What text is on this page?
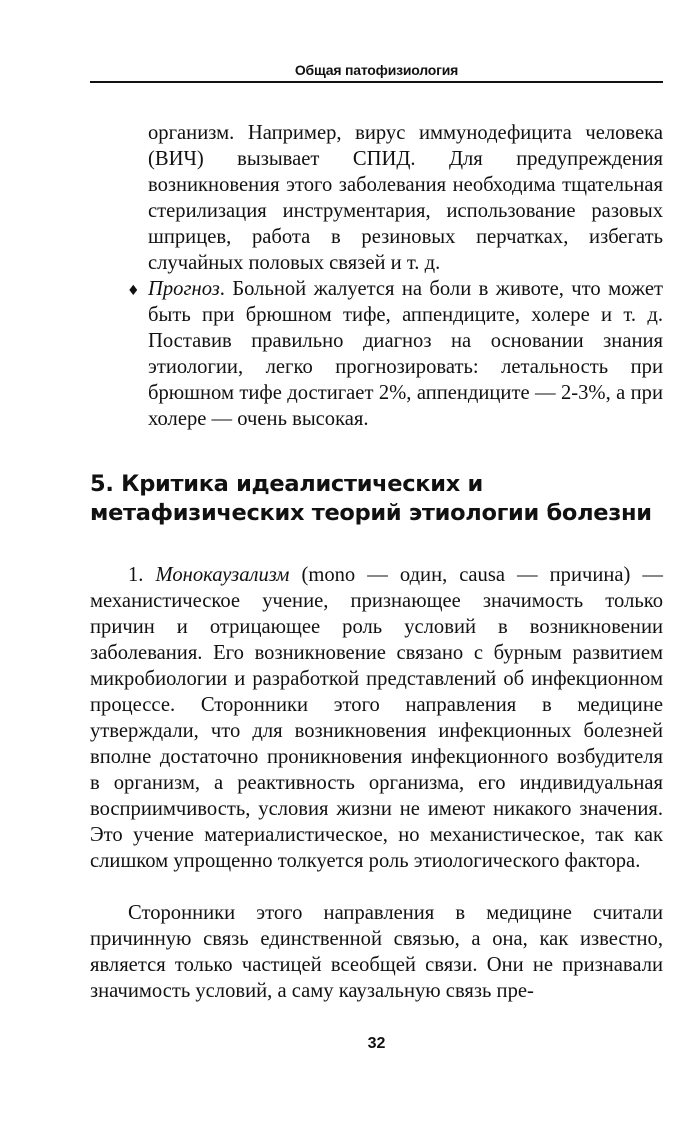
Общая патофизиология

организм. Например, вирус иммунодефицита человека (ВИЧ) вызывает СПИД. Для предупреждения возникновения этого заболевания необходима тщательная стерилизация инструментария, использование разовых шприцев, работа в резиновых перчатках, избегать случайных половых связей и т. д.

♦ Прогноз. Больной жалуется на боли в животе, что может быть при брюшном тифе, аппендиците, холере и т. д. Поставив правильно диагноз на основании знания этиологии, легко прогнозировать: летальность при брюшном тифе достигает 2%, аппендиците — 2-3%, а при холере — очень высокая.

5. Критика идеалистических и
метафизических теорий этиологии болезни

1. Монокаузализм (mono — один, causa — причина) — механистическое учение, признающее значимость только причин и отрицающее роль условий в возникновении заболевания. Его возникновение связано с бурным развитием микробиологии и разработкой представлений об инфекционном процессе. Сторонники этого направления в медицине утверждали, что для возникновения инфекционных болезней вполне достаточно проникновения инфекционного возбудителя в организм, а реактивность организма, его индивидуальная восприимчивость, условия жизни не имеют никакого значения. Это учение материалистическое, но механистическое, так как слишком упрощенно толкуется роль этиологического фактора.

Сторонники этого направления в медицине считали причинную связь единственной связью, а она, как известно, является только частицей всеобщей связи. Они не признавали значимость условий, а саму каузальную связь пре-

32
